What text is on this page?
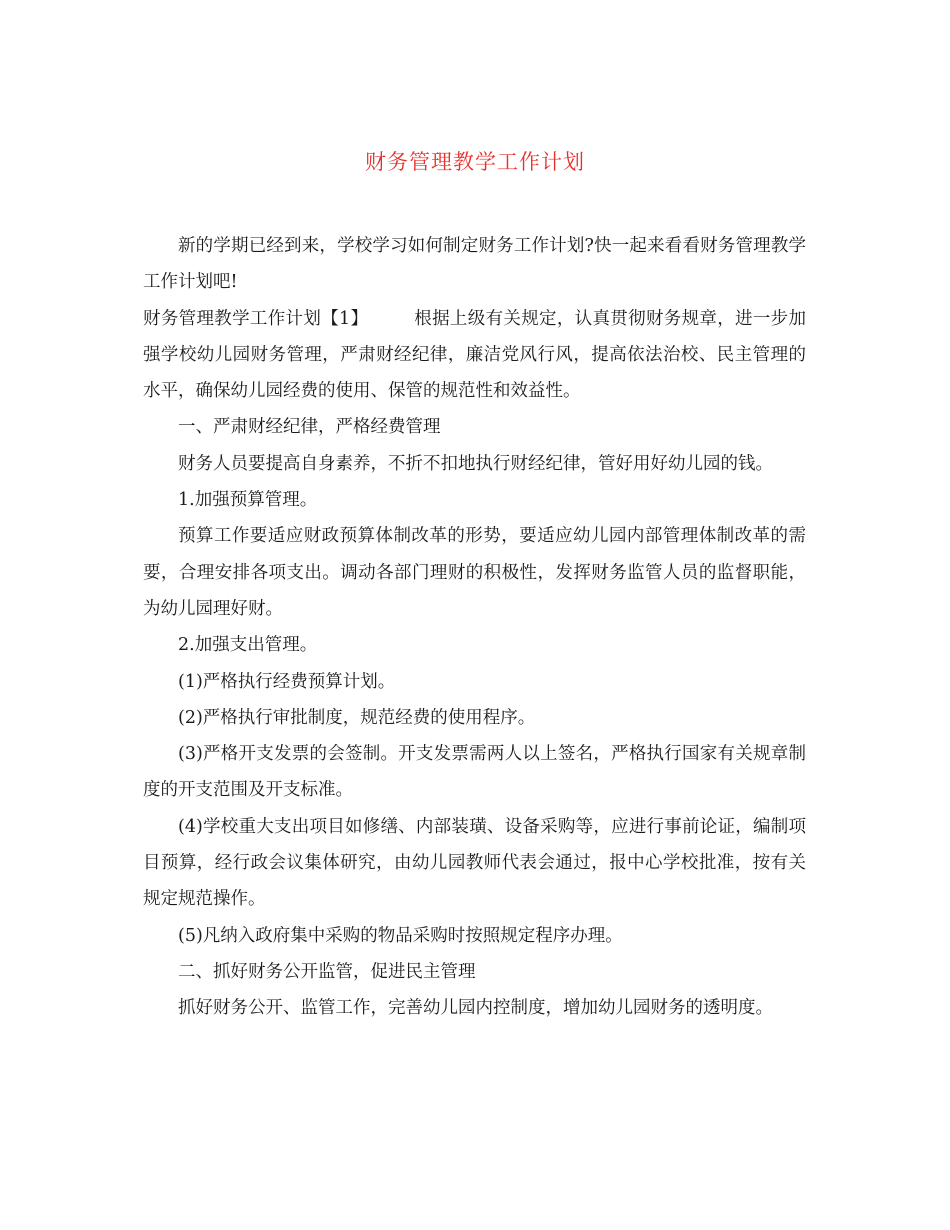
财务管理教学工作计划

新的学期已经到来，学校学习如何制定财务工作计划?快一起来看看财务管理教学工作计划吧!

财务管理教学工作计划【1】	根据上级有关规定，认真贯彻财务规章，进一步加强学校幼儿园财务管理，严肃财经纪律，廉洁党风行风，提高依法治校、民主管理的水平，确保幼儿园经费的使用、保管的规范性和效益性。

一、严肃财经纪律，严格经费管理

财务人员要提高自身素养，不折不扣地执行财经纪律，管好用好幼儿园的钱。

1.加强预算管理。

预算工作要适应财政预算体制改革的形势，要适应幼儿园内部管理体制改革的需要，合理安排各项支出。调动各部门理财的积极性，发挥财务监管人员的监督职能，为幼儿园理好财。

2.加强支出管理。

(1)严格执行经费预算计划。

(2)严格执行审批制度，规范经费的使用程序。

(3)严格开支发票的会签制。开支发票需两人以上签名，严格执行国家有关规章制度的开支范围及开支标准。

(4)学校重大支出项目如修缮、内部装璜、设备采购等，应进行事前论证，编制项目预算，经行政会议集体研究，由幼儿园教师代表会通过，报中心学校批准，按有关规定规范操作。

(5)凡纳入政府集中采购的物品采购时按照规定程序办理。

二、抓好财务公开监管，促进民主管理

抓好财务公开、监管工作，完善幼儿园内控制度，增加幼儿园财务的透明度。
